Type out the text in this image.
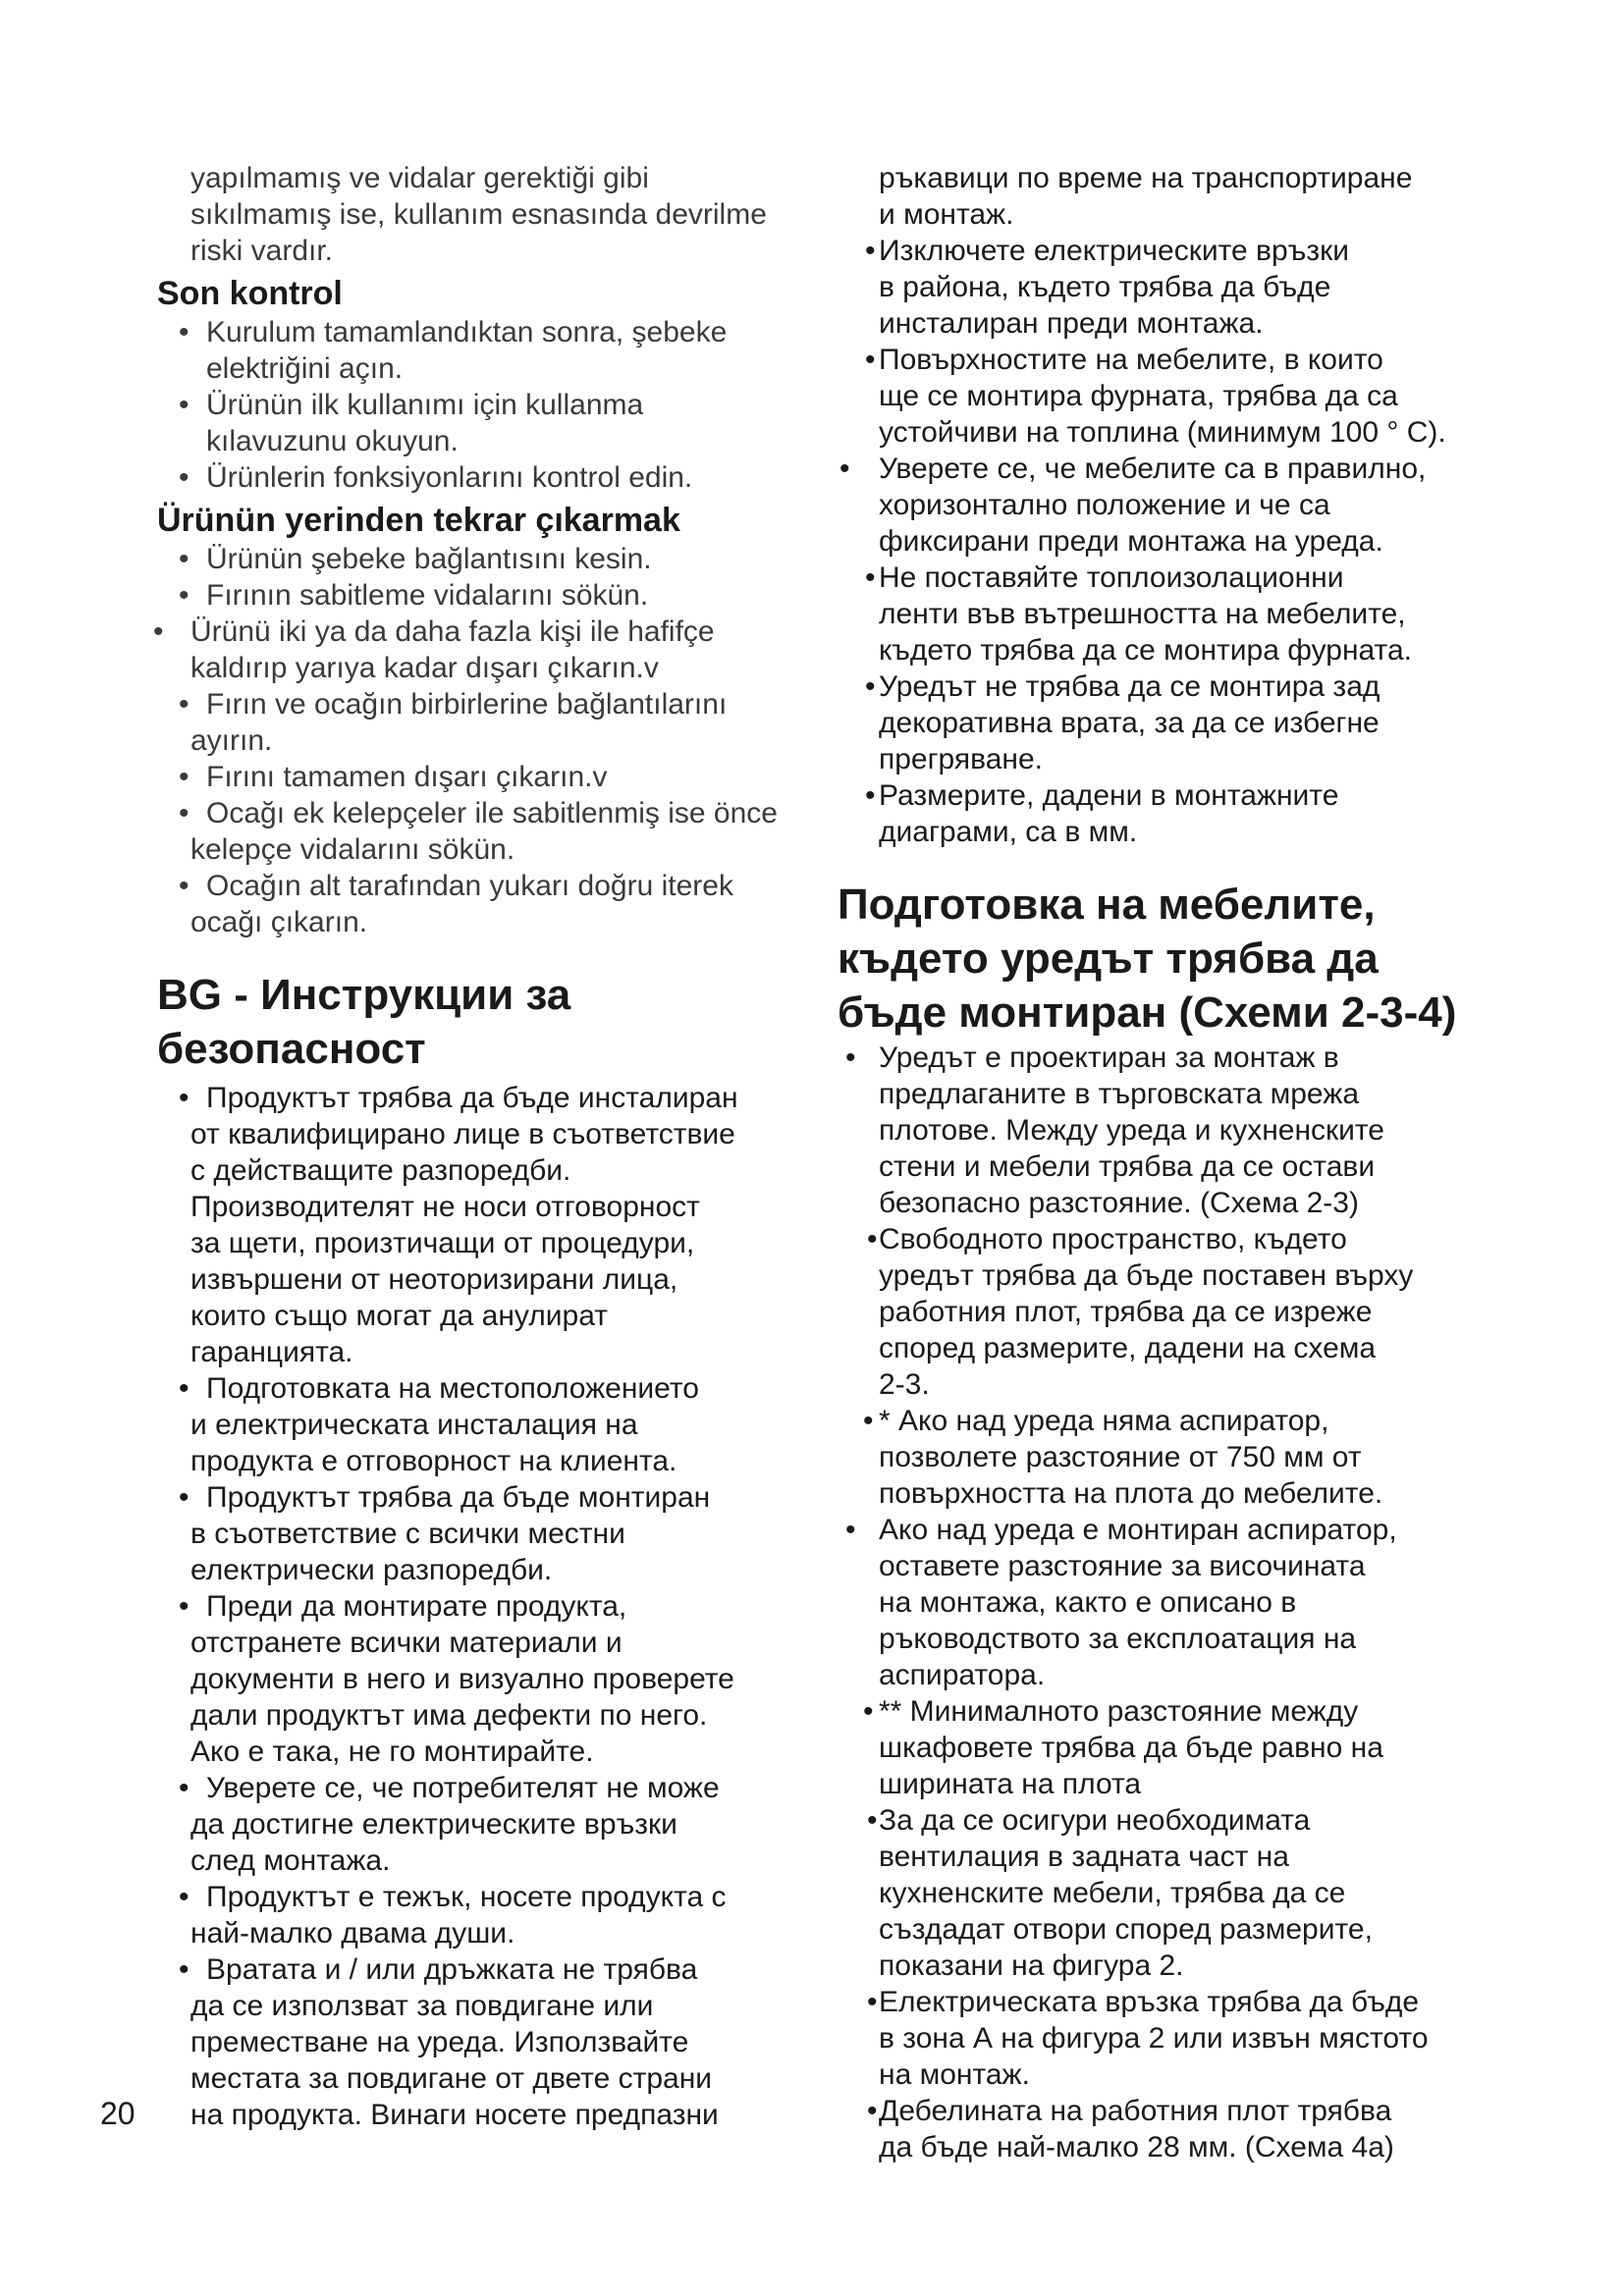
yapılmamış ve vidalar gerektiği gibi

sıkılmamış ise, kullanım esnasında devrilme

riski vardır.

Son kontrol

• Kurulum tamamlandıktan sonra, şebeke
elektriğini açın.
• Ürünün ilk kullanımı için kullanma
kılavuzunu okuyun.
• Ürünlerin fonksiyonlarını kontrol edin.

Ürünün yerinden tekrar çıkarmak

• Ürünün şebeke bağlantısını kesin.
• Fırının sabitleme vidalarını sökün.
• Ürünü iki ya da daha fazla kişi ile hafifçe
kaldırıp yarıya kadar dışarı çıkarın.v
• Fırın ve ocağın birbirlerine bağlantılarını
ayırın.
• Fırını tamamen dışarı çıkarın.v
• Ocağı ek kelepçeler ile sabitlenmiş ise önce
kelepçe vidalarını sökün.
• Ocağın alt tarafından yukarı doğru iterek
ocağı çıkarın.

BG - Инструкции за

безопасност

• Продуктът трябва да бъде инсталиран
от квалифицирано лице в съответствие
с действащите разпоредби.
Производителят не носи отговорност
за щети, произтичащи от процедури,
извършени от неоторизирани лица,
които също могат да анулират
гаранцията.
• Подготовката на местоположението
и електрическата инсталация на
продукта е отговорност на клиента.
• Продуктът трябва да бъде монтиран
в съответствие с всички местни
електрически разпоредби.
• Преди да монтирате продукта,
отстранете всички материали и
документи в него и визуално проверете
дали продуктът има дефекти по него.
Ако е така, не го монтирайте.
• Уверете се, че потребителят не може
да достигне електрическите връзки
след монтажа.
• Продуктът е тежък, носете продукта с
най-малко двама души.
• Вратата и / или дръжката не трябва
да се използват за повдигане или
преместване на уреда. Използвайте
местата за повдигане от двете страни
на продукта. Винаги носете предпазни

ръкавици по време на транспортиране

и монтаж.

• Изключете електрическите връзки
в района, където трябва да бъде
инсталиран преди монтажа.
• Повърхностите на мебелите, в които
ще се монтира фурната, трябва да са
устойчиви на топлина (минимум 100 ° C).
• Уверете се, че мебелите са в правилно,
хоризонтално положение и че са
фиксирани преди монтажа на уреда.
• Не поставяйте топлоизолационни
ленти във вътрешността на мебелите,
където трябва да се монтира фурната.
• Уредът не трябва да се монтира зад
декоративна врата, за да се избегне
прегряване.
• Размерите, дадени в монтажните
диаграми, са в мм.

Подготовка на мебелите,

където уредът трябва да

бъде монтиран (Схеми 2-3-4)

• Уредът е проектиран за монтаж в
предлаганите в търговската мрежа
плотове. Между уреда и кухненските
стени и мебели трябва да се остави
безопасно разстояние. (Схема 2-3)
• Свободното пространство, където
уредът трябва да бъде поставен върху
работния плот, трябва да се изреже
според размерите, дадени на схема
2-3.
• * Ако над уреда няма аспиратор,
позволете разстояние от 750 мм от
повърхността на плота до мебелите.
• Ако над уреда е монтиран аспиратор,
оставете разстояние за височината
на монтажа, както е описано в
ръководството за експлоатация на
аспиратора.
• ** Минималното разстояние между
шкафовете трябва да бъде равно на
ширината на плота
• За да се осигури необходимата
вентилация в задната част на
кухненските мебели, трябва да се
създадат отвори според размерите,
показани на фигура 2.
• Електрическата връзка трябва да бъде
в зона А на фигура 2 или извън мястото
на монтаж.
• Дебелината на работния плот трябва
да бъде най-малко 28 мм. (Схема 4а)
20
